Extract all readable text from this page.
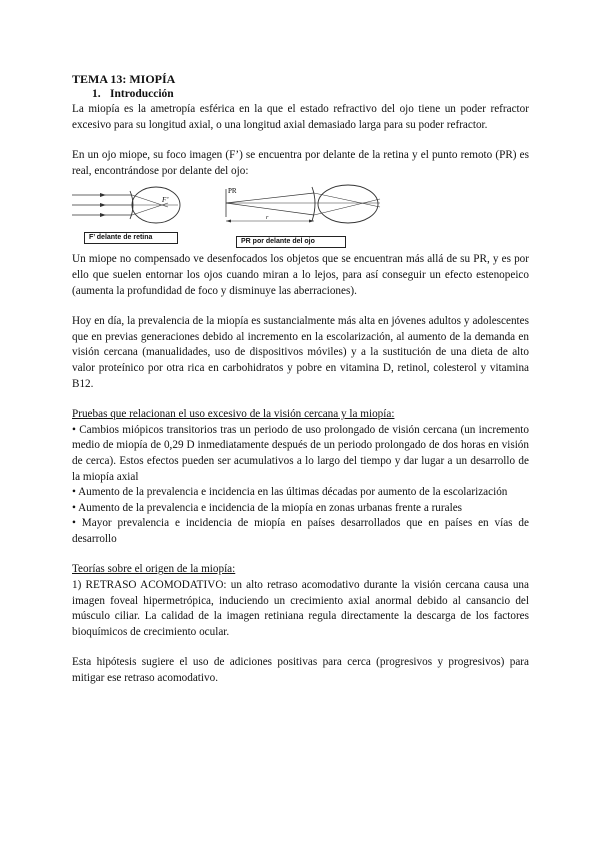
TEMA 13: MIOPÍA
1. Introducción

La miopía es la ametropía esférica en la que el estado refractivo del ojo tiene un poder refractor excesivo para su longitud axial, o una longitud axial demasiado larga para su poder refractor.

En un ojo miope, su foco imagen (F’) se encuentra por delante de la retina y el punto remoto (PR) es real, encontrándose por delante del ojo:

F’
F’ delante de retina
PR
r
PR por delante del ojo

Un miope no compensado ve desenfocados los objetos que se encuentran más allá de su PR, y es por ello que suelen entornar los ojos cuando miran a lo lejos, para así conseguir un efecto estenopeico (aumenta la profundidad de foco y disminuye las aberraciones).

Hoy en día, la prevalencia de la miopía es sustancialmente más alta en jóvenes adultos y adolescentes que en previas generaciones debido al incremento en la escolarización, al aumento de la demanda en visión cercana (manualidades, uso de dispositivos móviles) y a la sustitución de una dieta de alto valor proteínico por otra rica en carbohidratos y pobre en vitamina D, retinol, colesterol y vitamina B12.

Pruebas que relacionan el uso excesivo de la visión cercana y la miopía:

• Cambios miópicos transitorios tras un periodo de uso prolongado de visión cercana (un incremento medio de miopía de 0,29 D inmediatamente después de un periodo prolongado de dos horas en visión de cerca). Estos efectos pueden ser acumulativos a lo largo del tiempo y dar lugar a un desarrollo de la miopía axial

• Aumento de la prevalencia e incidencia en las últimas décadas por aumento de la escolarización

• Aumento de la prevalencia e incidencia de la miopía en zonas urbanas frente a rurales

• Mayor prevalencia e incidencia de miopía en países desarrollados que en países en vías de desarrollo

Teorías sobre el origen de la miopía:

1) RETRASO ACOMODATIVO: un alto retraso acomodativo durante la visión cercana causa una imagen foveal hipermetrópica, induciendo un crecimiento axial anormal debido al cansancio del músculo ciliar. La calidad de la imagen retiniana regula directamente la descarga de los factores bioquímicos de crecimiento ocular.

Esta hipótesis sugiere el uso de adiciones positivas para cerca (progresivos y progresivos) para mitigar ese retraso acomodativo.
